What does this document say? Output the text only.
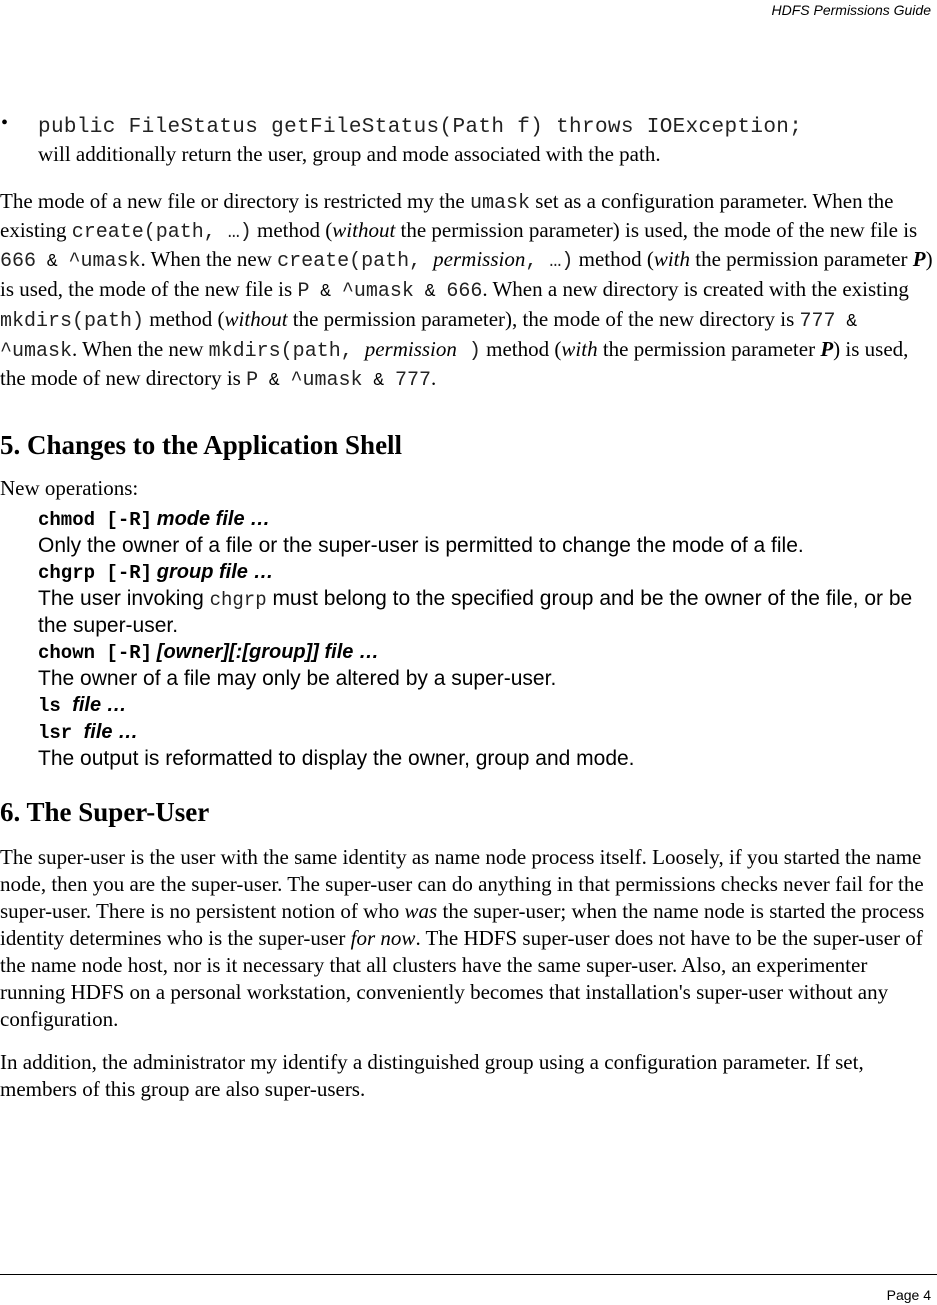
HDFS Permissions Guide
• public FileStatus getFileStatus(Path f) throws IOException;
will additionally return the user, group and mode associated with the path.

The mode of a new file or directory is restricted my the umask set as a configuration parameter. When the existing create(path, …) method (without the permission parameter) is used, the mode of the new file is 666 & ^umask. When the new create(path, permission, …) method (with the permission parameter P) is used, the mode of the new file is P & ^umask & 666. When a new directory is created with the existing mkdirs(path) method (without the permission parameter), the mode of the new directory is 777 & ^umask. When the new mkdirs(path, permission ) method (with the permission parameter P) is used, the mode of new directory is P & ^umask & 777.

5. Changes to the Application Shell

New operations:

chmod [-R] mode file …
Only the owner of a file or the super-user is permitted to change the mode of a file.
chgrp [-R] group file …
The user invoking chgrp must belong to the specified group and be the owner of the file, or be the super-user.
chown [-R] [owner][:[group]] file …
The owner of a file may only be altered by a super-user.
ls file …
lsr file …
The output is reformatted to display the owner, group and mode.
6. The Super-User

The super-user is the user with the same identity as name node process itself. Loosely, if you started the name node, then you are the super-user. The super-user can do anything in that permissions checks never fail for the super-user. There is no persistent notion of who was the super-user; when the name node is started the process identity determines who is the super-user for now. The HDFS super-user does not have to be the super-user of the name node host, nor is it necessary that all clusters have the same super-user. Also, an experimenter running HDFS on a personal workstation, conveniently becomes that installation's super-user without any configuration.

In addition, the administrator my identify a distinguished group using a configuration parameter. If set, members of this group are also super-users.

Page 4
